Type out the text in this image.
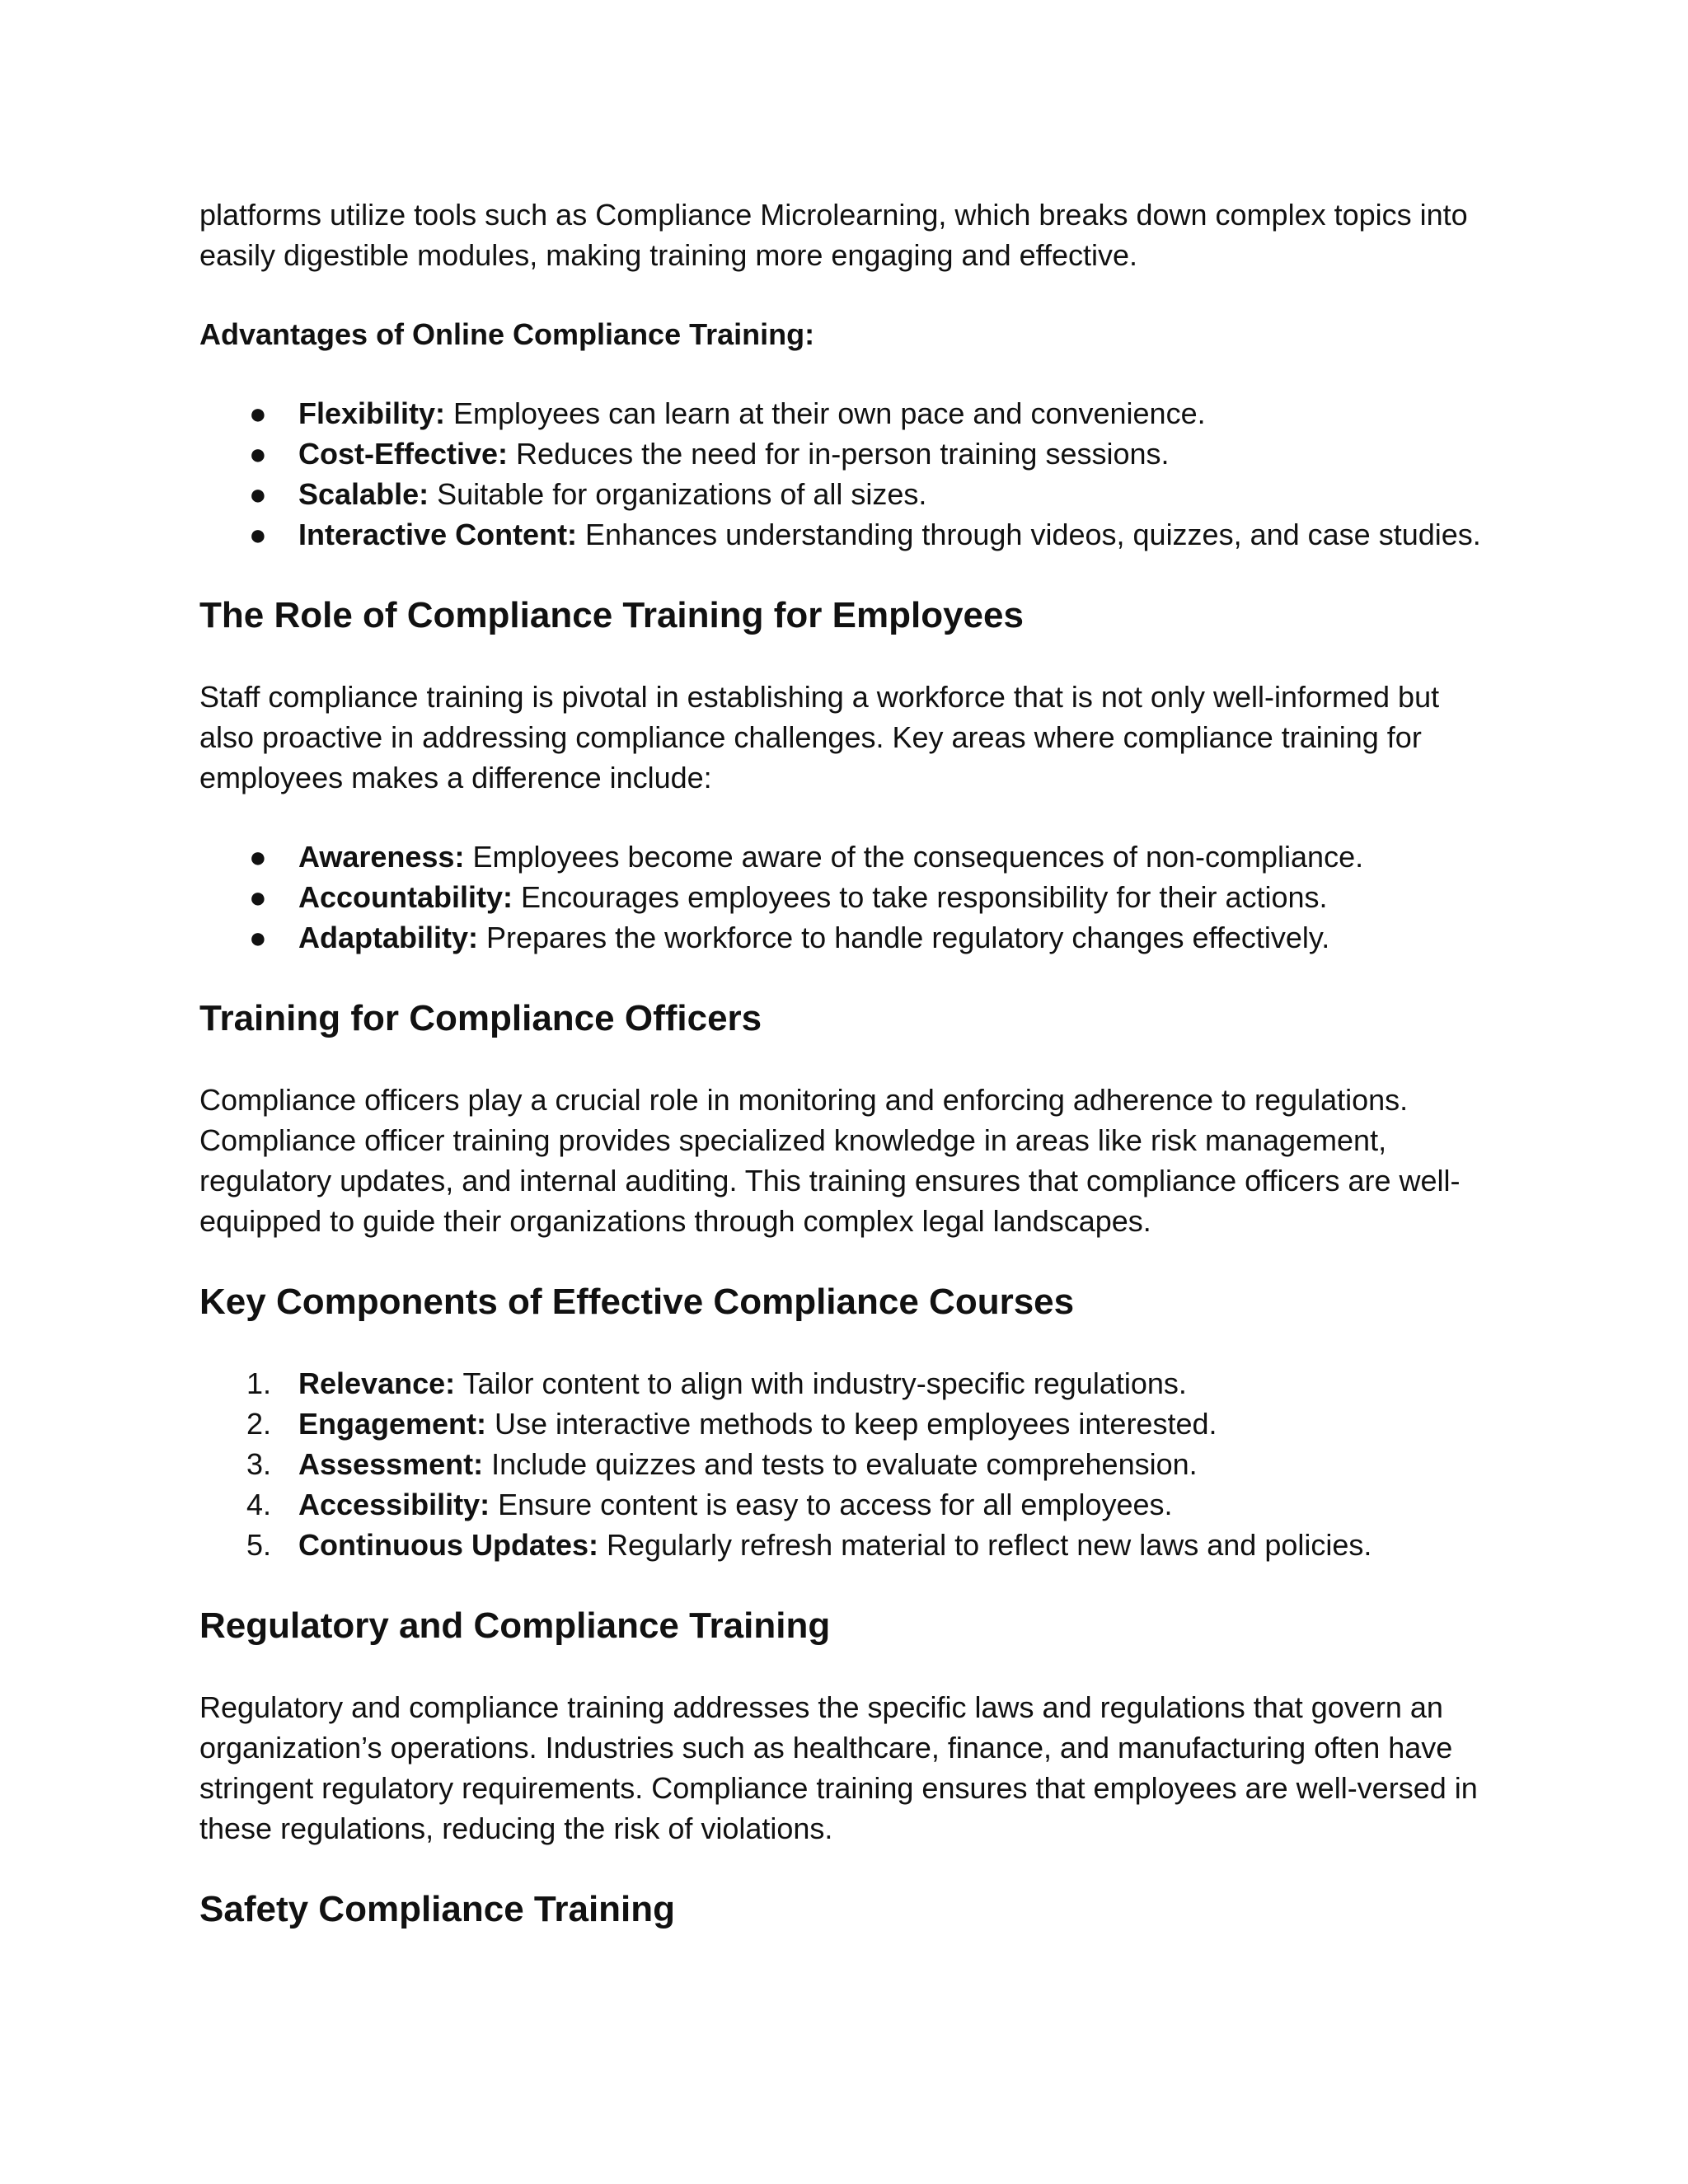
platforms utilize tools such as Compliance Microlearning, which breaks down complex topics into easily digestible modules, making training more engaging and effective.

Advantages of Online Compliance Training:

● Flexibility: Employees can learn at their own pace and convenience.
● Cost-Effective: Reduces the need for in-person training sessions.
● Scalable: Suitable for organizations of all sizes.
● Interactive Content: Enhances understanding through videos, quizzes, and case studies.
The Role of Compliance Training for Employees

Staff compliance training is pivotal in establishing a workforce that is not only well-informed but also proactive in addressing compliance challenges. Key areas where compliance training for employees makes a difference include:

● Awareness: Employees become aware of the consequences of non-compliance.
● Accountability: Encourages employees to take responsibility for their actions.
● Adaptability: Prepares the workforce to handle regulatory changes effectively.
Training for Compliance Officers

Compliance officers play a crucial role in monitoring and enforcing adherence to regulations. Compliance officer training provides specialized knowledge in areas like risk management, regulatory updates, and internal auditing. This training ensures that compliance officers are well-equipped to guide their organizations through complex legal landscapes.

Key Components of Effective Compliance Courses
1. Relevance: Tailor content to align with industry-specific regulations.
2. Engagement: Use interactive methods to keep employees interested.
3. Assessment: Include quizzes and tests to evaluate comprehension.
4. Accessibility: Ensure content is easy to access for all employees.
5. Continuous Updates: Regularly refresh material to reflect new laws and policies.
Regulatory and Compliance Training

Regulatory and compliance training addresses the specific laws and regulations that govern an organization’s operations. Industries such as healthcare, finance, and manufacturing often have stringent regulatory requirements. Compliance training ensures that employees are well-versed in these regulations, reducing the risk of violations.

Safety Compliance Training
